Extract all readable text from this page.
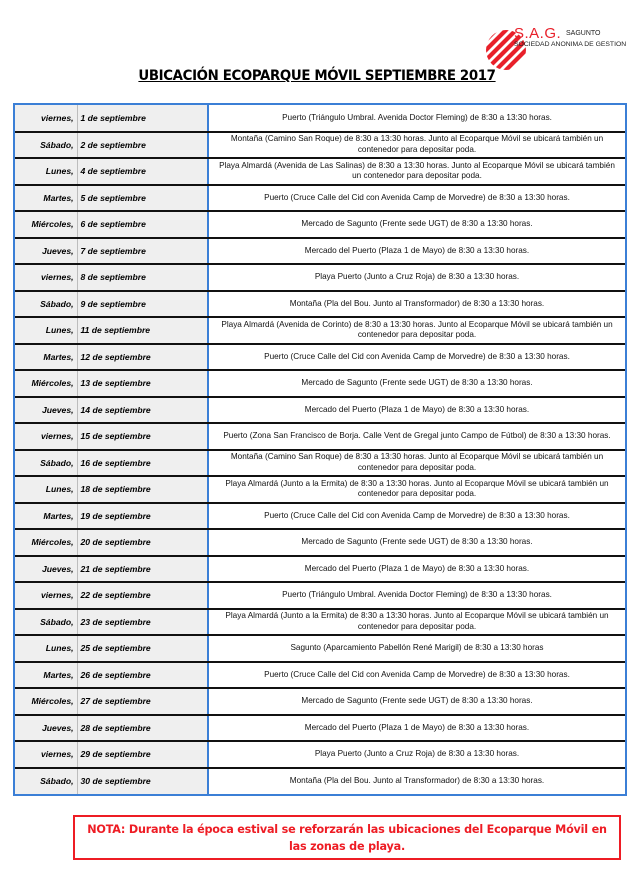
S.A.G. SAGUNTO
SOCIEDAD ANONIMA DE GESTION
UBICACIÓN ECOPARQUE MÓVIL SEPTIEMBRE 2017
viernes,	1 de septiembre	Puerto (Triángulo Umbral. Avenida Doctor Fleming) de 8:30 a 13:30 horas.
Sábado,	2 de septiembre	Montaña (Camino San Roque) de 8:30 a 13:30 horas. Junto al Ecoparque Móvil se ubicará también un contenedor para depositar poda.
Lunes,	4 de septiembre	Playa Almardá (Avenida de Las Salinas) de 8:30 a 13:30 horas. Junto al Ecoparque Móvil se ubicará también un contenedor para depositar poda.
Martes,	5 de septiembre	Puerto (Cruce Calle del Cid con Avenida Camp de Morvedre) de 8:30 a 13:30 horas.
Miércoles,	6 de septiembre	Mercado de Sagunto (Frente sede UGT) de 8:30 a 13:30 horas.
Jueves,	7 de septiembre	Mercado del Puerto (Plaza 1 de Mayo) de 8:30 a 13:30 horas.
viernes,	8 de septiembre	Playa Puerto (Junto a Cruz Roja) de 8:30 a 13:30 horas.
Sábado,	9 de septiembre	Montaña (Pla del Bou. Junto al Transformador) de 8:30 a 13:30 horas.
Lunes,	11 de septiembre	Playa Almardá (Avenida de Corinto) de 8:30 a 13:30 horas. Junto al Ecoparque Móvil se ubicará también un contenedor para depositar poda.
Martes,	12 de septiembre	Puerto (Cruce Calle del Cid con Avenida Camp de Morvedre) de 8:30 a 13:30 horas.
Miércoles,	13 de septiembre	Mercado de Sagunto (Frente sede UGT) de 8:30 a 13:30 horas.
Jueves,	14 de septiembre	Mercado del Puerto (Plaza 1 de Mayo) de 8:30 a 13:30 horas.
viernes,	15 de septiembre	Puerto (Zona San Francisco de Borja. Calle Vent de Gregal junto Campo de Fútbol) de 8:30 a 13:30 horas.
Sábado,	16 de septiembre	Montaña (Camino San Roque) de 8:30 a 13:30 horas. Junto al Ecoparque Móvil se ubicará también un contenedor para depositar poda.
Lunes,	18 de septiembre	Playa Almardá (Junto a la Ermita) de 8:30 a 13:30 horas. Junto al Ecoparque Móvil se ubicará también un contenedor para depositar poda.
Martes,	19 de septiembre	Puerto (Cruce Calle del Cid con Avenida Camp de Morvedre) de 8:30 a 13:30 horas.
Miércoles,	20 de septiembre	Mercado de Sagunto (Frente sede UGT) de 8:30 a 13:30 horas.
Jueves,	21 de septiembre	Mercado del Puerto (Plaza 1 de Mayo) de 8:30 a 13:30 horas.
viernes,	22 de septiembre	Puerto (Triángulo Umbral. Avenida Doctor Fleming) de 8:30 a 13:30 horas.
Sábado,	23 de septiembre	Playa Almardá (Junto a la Ermita) de 8:30 a 13:30 horas. Junto al Ecoparque Móvil se ubicará también un contenedor para depositar poda.
Lunes,	25 de septiembre	Sagunto (Aparcamiento Pabellón René Marigil) de 8:30 a 13:30 horas
Martes,	26 de septiembre	Puerto (Cruce Calle del Cid con Avenida Camp de Morvedre) de 8:30 a 13:30 horas.
Miércoles,	27 de septiembre	Mercado de Sagunto (Frente sede UGT) de 8:30 a 13:30 horas.
Jueves,	28 de septiembre	Mercado del Puerto (Plaza 1 de Mayo) de 8:30 a 13:30 horas.
viernes,	29 de septiembre	Playa Puerto (Junto a Cruz Roja) de 8:30 a 13:30 horas.
Sábado,	30 de septiembre	Montaña (Pla del Bou. Junto al Transformador) de 8:30 a 13:30 horas.
NOTA: Durante la época estival se reforzarán las ubicaciones del Ecoparque Móvil en las zonas de playa.
